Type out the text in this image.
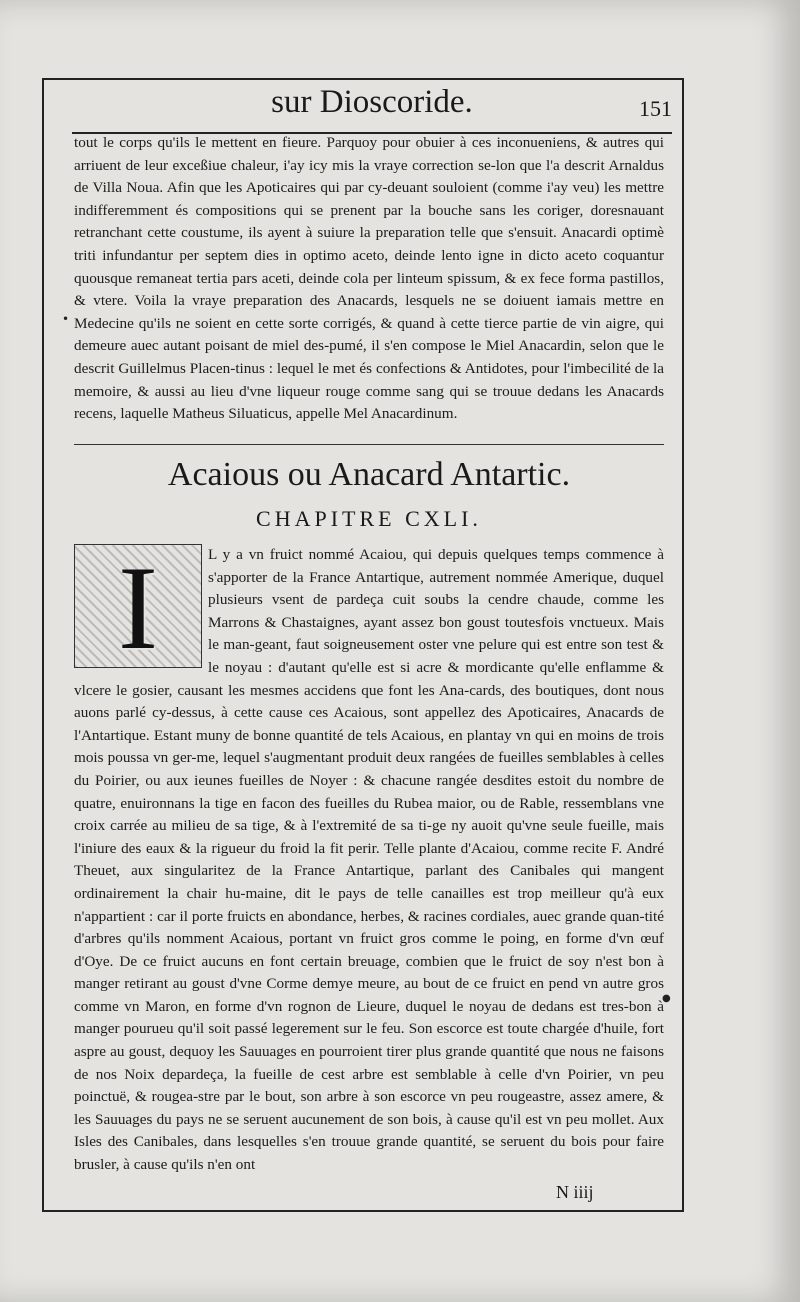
sur Dioscoride.	151
•

tout le corps qu'ils le mettent en fieure. Parquoy pour obuier à ces inconueniens, & autres qui arriuent de leur exceßiue chaleur, i'ay icy mis la vraye correction se-lon que l'a descrit Arnaldus de Villa Noua. Afin que les Apoticaires qui par cy-deuant souloient (comme i'ay veu) les mettre indifferemment és compositions qui se prenent par la bouche sans les coriger, doresnauant retranchant cette coustume, ils ayent à suiure la preparation telle que s'ensuit. Anacardi optimè triti infundantur per septem dies in optimo aceto, deinde lento igne in dicto aceto coquantur quousque remaneat tertia pars aceti, deinde cola per linteum spissum, & ex fece forma pastillos, & vtere. Voila la vraye preparation des Anacards, lesquels ne se doiuent iamais mettre en Medecine qu'ils ne soient en cette sorte corrigés, & quand à cette tierce partie de vin aigre, qui demeure auec autant poisant de miel des-pumé, il s'en compose le Miel Anacardin, selon que le descrit Guillelmus Placen-tinus : lequel le met és confections & Antidotes, pour l'imbecilité de la memoire, & aussi au lieu d'vne liqueur rouge comme sang qui se trouue dedans les Anacards recens, laquelle Matheus Siluaticus, appelle Mel Anacardinum.

Acaious ou Anacard Antartic.
CHAPITRE CXLI.
I	L y a vn fruict nommé Acaiou, qui depuis quelques temps commence à s'apporter de la France Antartique, autrement nommée Amerique, duquel plusieurs vsent de pardeça cuit soubs la cendre chaude, comme les Marrons & Chastaignes, ayant assez bon goust toutesfois vnctueux. Mais le man-geant, faut soigneusement oster vne pelure qui est entre son test & le noyau : d'autant qu'elle est si acre & mordicante qu'elle enflamme & vlcere le gosier, causant les mesmes accidens que font les Ana-cards, des boutiques, dont nous auons parlé cy-dessus, à cette cause ces Acaious, sont appellez des Apoticaires, Anacards de l'Antartique. Estant muny de bonne quantité de tels Acaious, en plantay vn qui en moins de trois mois poussa vn ger-me, lequel s'augmentant produit deux rangées de fueilles semblables à celles du Poirier, ou aux ieunes fueilles de Noyer : & chacune rangée desdites estoit du nombre de quatre, enuironnans la tige en facon des fueilles du Rubea maior, ou de Rable, ressemblans vne croix carrée au milieu de sa tige, & à l'extremité de sa ti-ge ny auoit qu'vne seule fueille, mais l'iniure des eaux & la rigueur du froid la fit perir. Telle plante d'Acaiou, comme recite F. André Theuet, aux singularitez de la France Antartique, parlant des Canibales qui mangent ordinairement la chair hu-maine, dit le pays de telle canailles est trop meilleur qu'à eux n'appartient : car il porte fruicts en abondance, herbes, & racines cordiales, auec grande quan-tité d'arbres qu'ils nomment Acaious, portant vn fruict gros comme le poing, en forme d'vn œuf d'Oye. De ce fruict aucuns en font certain breuage, combien que le fruict de soy n'est bon à manger retirant au goust d'vne Corme demye meure, au bout de ce fruict en pend vn autre gros comme vn Maron, en forme d'vn rognon de Lieure, duquel le noyau de dedans est tres-bon à manger pourueu qu'il soit passé legerement sur le feu. Son escorce est toute chargée d'huile, fort aspre au goust, dequoy les Sauuages en pourroient tirer plus grande quantité que nous ne faisons de nos Noix depardeça, la fueille de cest arbre est semblable à celle d'vn Poirier, vn peu poinctuë, & rougea-stre par le bout, son arbre à son escorce vn peu rougeastre, assez amere, & les Sauuages du pays ne se seruent aucunement de son bois, à cause qu'il est vn peu mollet. Aux Isles des Canibales, dans lesquelles s'en trouue grande quantité, se seruent du bois pour faire brusler, à cause qu'ils n'en ont

●
N iiij
